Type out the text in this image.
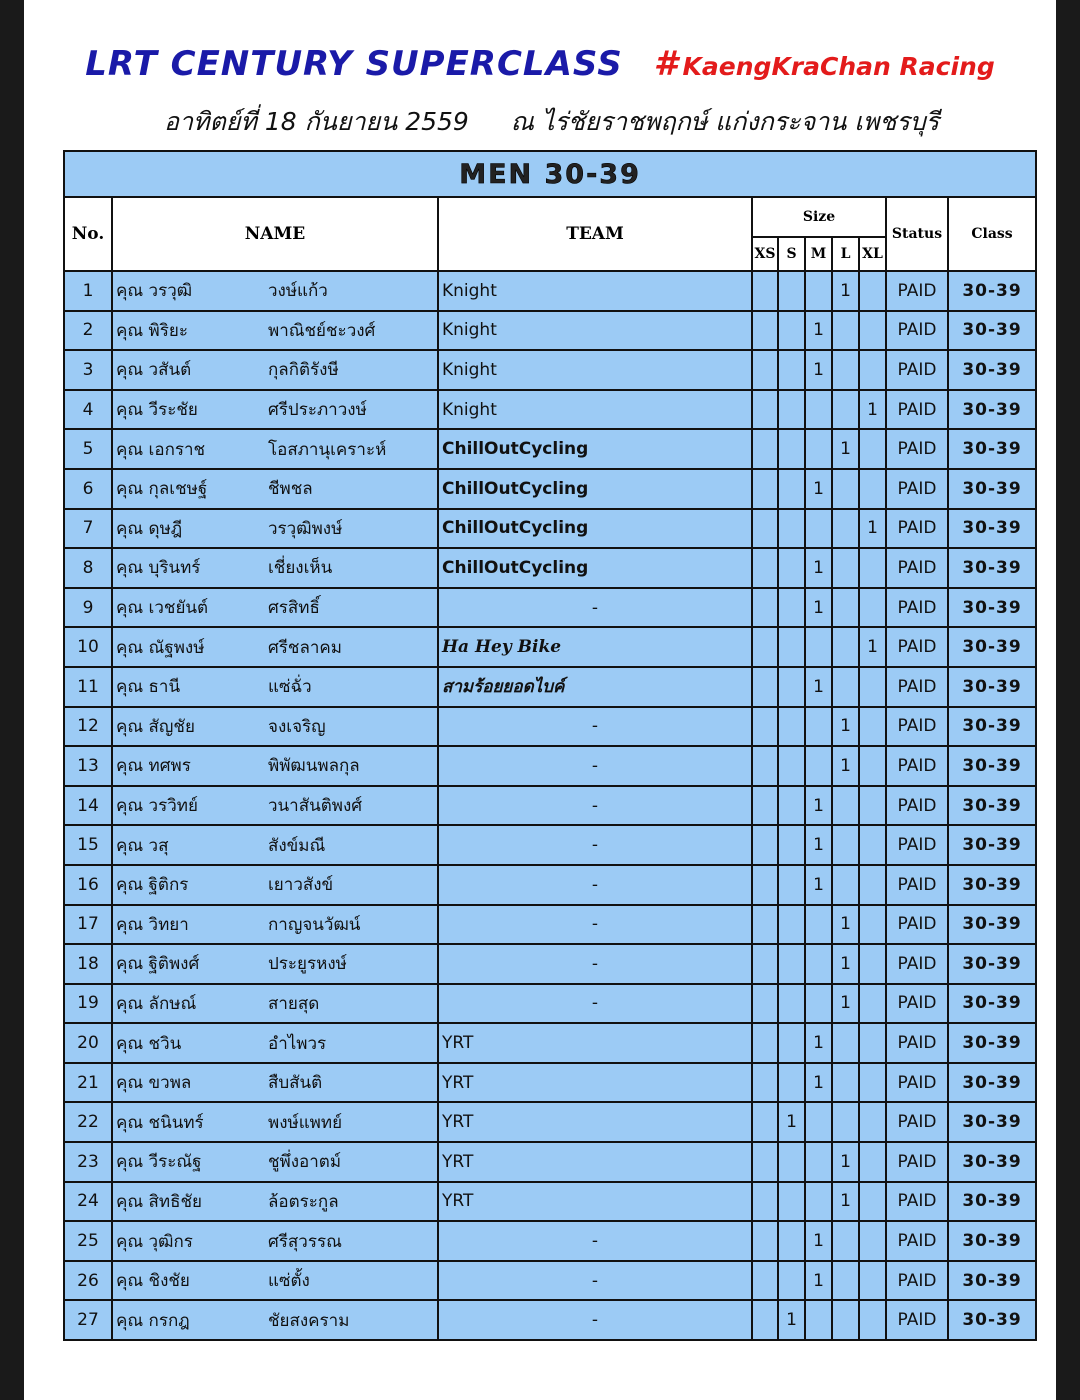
LRT CENTURY SUPERCLASS # KaengKraChan Racing
อาทิตย์ที่ 18 กันยายน 2559 ณ ไร่ชัยราชพฤกษ์ แก่งกระจาน เพชรบุรี
MEN 30-39									
No.	NAME	TEAM	Size					Status	Class
			XS	S	M	L	XL		
1	คุณ วรวุฒิ วงษ์แก้ว	Knight				1		PAID	30-39
2	คุณ พิริยะ พาณิชย์ชะวงศ์	Knight			1			PAID	30-39
3	คุณ วสันต์ กุลกิติรังษี	Knight			1			PAID	30-39
4	คุณ วีระชัย ศรีประภาวงษ์	Knight					1	PAID	30-39
5	คุณ เอกราช โอสภานุเคราะห์	ChillOutCycling				1		PAID	30-39
6	คุณ กุลเชษฐ์ ชีพชล	ChillOutCycling			1			PAID	30-39
7	คุณ ดุษฎี วรวุฒิพงษ์	ChillOutCycling					1	PAID	30-39
8	คุณ บุรินทร์ เชี่ยงเห็น	ChillOutCycling			1			PAID	30-39
9	คุณ เวชยันต์ ศรสิทธิ์	-			1			PAID	30-39
10	คุณ ณัฐพงษ์ ศรีชลาคม	Ha Hey Bike					1	PAID	30-39
11	คุณ ธานี แซ่ฉั่ว	สามร้อยยอดไบค์			1			PAID	30-39
12	คุณ สัญชัย จงเจริญ	-				1		PAID	30-39
13	คุณ ทศพร พิพัฒนพลกุล	-				1		PAID	30-39
14	คุณ วรวิทย์ วนาสันติพงศ์	-			1			PAID	30-39
15	คุณ วสุ สังข์มณี	-			1			PAID	30-39
16	คุณ ฐิติกร เยาวสังข์	-			1			PAID	30-39
17	คุณ วิทยา กาญจนวัฒน์	-				1		PAID	30-39
18	คุณ ฐิติพงศ์ ประยูรหงษ์	-				1		PAID	30-39
19	คุณ ลักษณ์ สายสุด	-				1		PAID	30-39
20	คุณ ชวิน อำไพวร	YRT			1			PAID	30-39
21	คุณ ขวพล สืบสันติ	YRT			1			PAID	30-39
22	คุณ ชนินทร์ พงษ์แพทย์	YRT		1				PAID	30-39
23	คุณ วีระณัฐ ชูพึ่งอาตม์	YRT				1		PAID	30-39
24	คุณ สิทธิชัย ล้อตระกูล	YRT				1		PAID	30-39
25	คุณ วุฒิกร ศรีสุวรรณ	-			1			PAID	30-39
26	คุณ ชิงชัย แซ่ตั้ง	-			1			PAID	30-39
27	คุณ กรกฎ ชัยสงคราม	-		1				PAID	30-39
